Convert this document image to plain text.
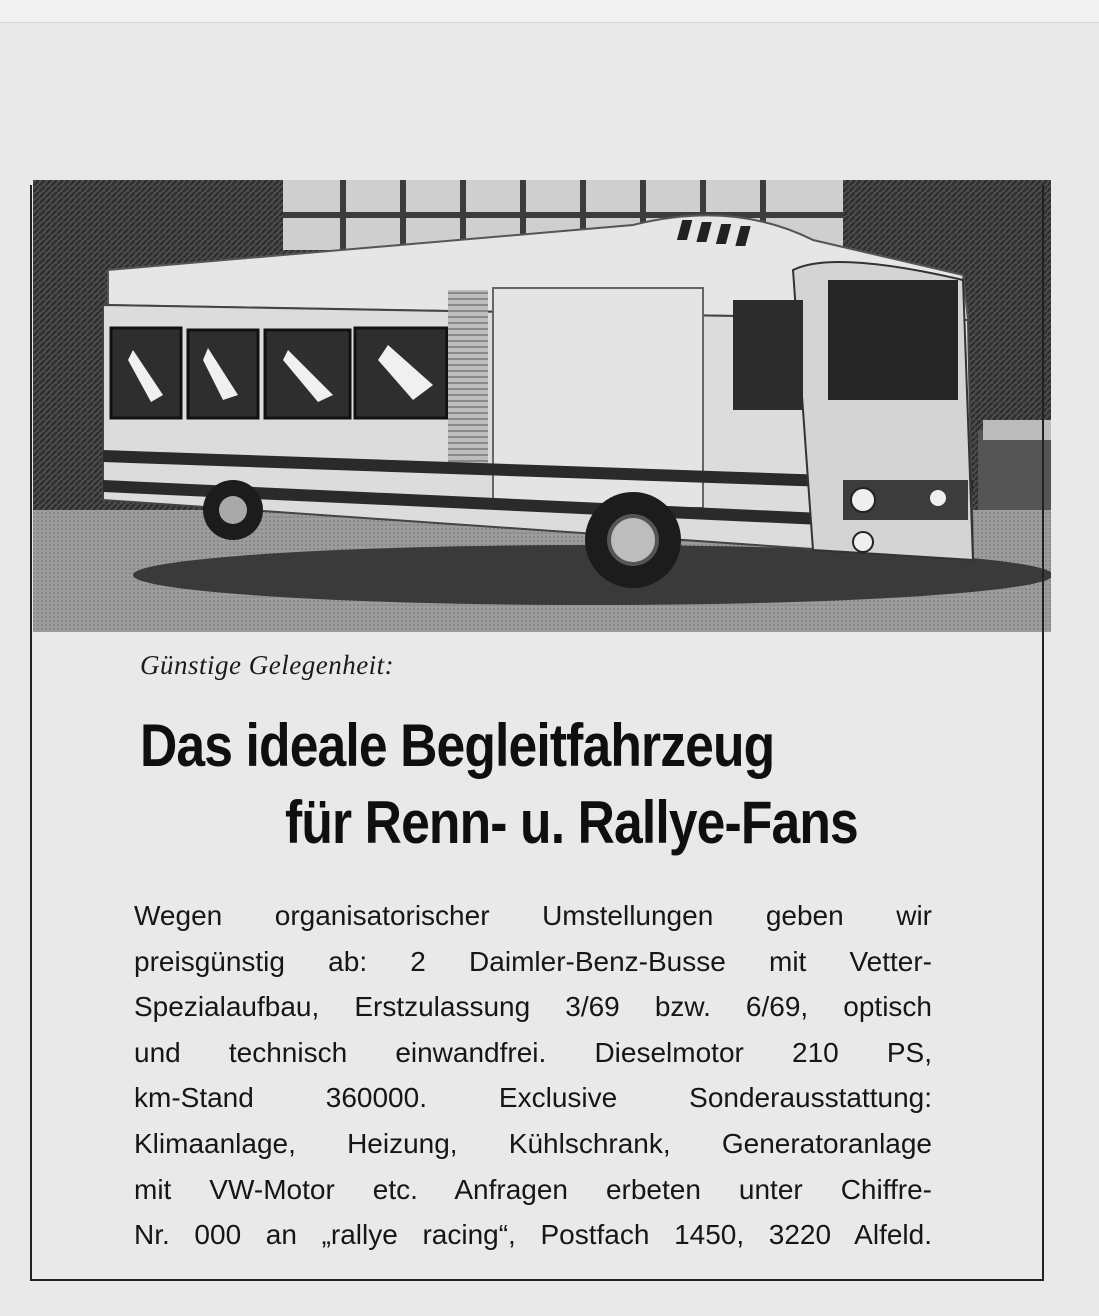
Günstige Gelegenheit:
Das ideale Begleitfahrzeug
für Renn- u. Rallye-Fans
Wegen organisatorischer Umstellungen geben wir
preisgünstig ab: 2 Daimler-Benz-Busse mit Vetter-
Spezialaufbau, Erstzulassung 3/69 bzw. 6/69, optisch
und technisch einwandfrei. Dieselmotor 210 PS,
km-Stand 360000. Exclusive Sonderausstattung:
Klimaanlage, Heizung, Kühlschrank, Generatoranlage
mit VW-Motor etc. Anfragen erbeten unter Chiffre-
Nr. 000 an „rallye racing“, Postfach 1450, 3220 Alfeld.
